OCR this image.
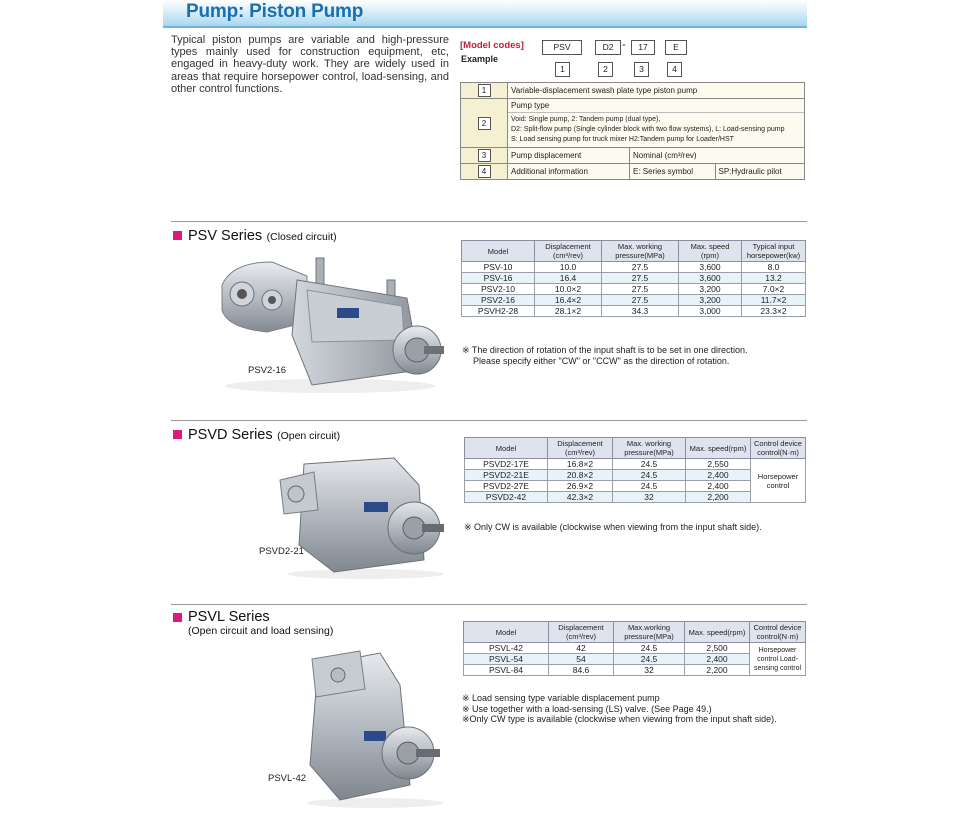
Pump: Piston Pump
Typical piston pumps are variable and high-pressure types mainly used for construction equipment, etc, engaged in heavy-duty work. They are widely used in areas that require horsepower control, load-sensing, and other control functions.
[Model codes]
Example
PSV	D2 -	17	E
1	2	3	4
1	Variable-displacement swash plate type piston pump		
2	Pump type
Void: Single pump, 2: Tandem pump (dual type),
D2: Split-flow pump (Single cylinder block with two flow systems), L: Load-sensing pump
S: Load sensing pump for truck mixer H2:Tandem pump for Loader/HST		

3	Pump displacement	Nominal (cm³/rev)	
4	Additional information	E: Series symbol	SP:Hydraulic pilot
PSV Series (Closed circuit)
PSV2-16
Model	Displacement (cm³/rev)	Max. working pressure(MPa)	Max. speed (rpm)	Typical input horsepower(kw)
PSV-10	10.0	27.5	3,600	8.0
PSV-16	16.4	27.5	3,600	13.2
PSV2-10	10.0×2	27.5	3,200	7.0×2
PSV2-16	16.4×2	27.5	3,200	11.7×2
PSVH2-28	28.1×2	34.3	3,000	23.3×2
※ The direction of rotation of the input shaft is to be set in one direction.
Please specify either "CW" or "CCW" as the direction of rotation.
PSVD Series (Open circuit)
PSVD2-21
Model	Displacement (cm³/rev)	Max. working pressure(MPa)	Max. speed(rpm)	Control device control(N·m)
PSVD2-17E	16.8×2	24.5	2,550	Horsepower control
PSVD2-21E	20.8×2	24.5	2,400	
PSVD2-27E	26.9×2	24.5	2,400	
PSVD2-42	42.3×2	32	2,200	
※ Only CW is available (clockwise when viewing from the input shaft side).
PSVL Series
(Open circuit and load sensing)
PSVL-42
Model	Displacement (cm³/rev)	Max.working pressure(MPa)	Max. speed(rpm)	Control device control(N·m)
PSVL-42	42	24.5	2,500	Horsepower control Load-sensing control
PSVL-54	54	24.5	2,400	
PSVL-84	84.6	32	2,200	
※ Load sensing type variable displacement pump
※ Use together with a load-sensing (LS) valve. (See Page 49.)
※Only CW type is available (clockwise when viewing from the input shaft side).
